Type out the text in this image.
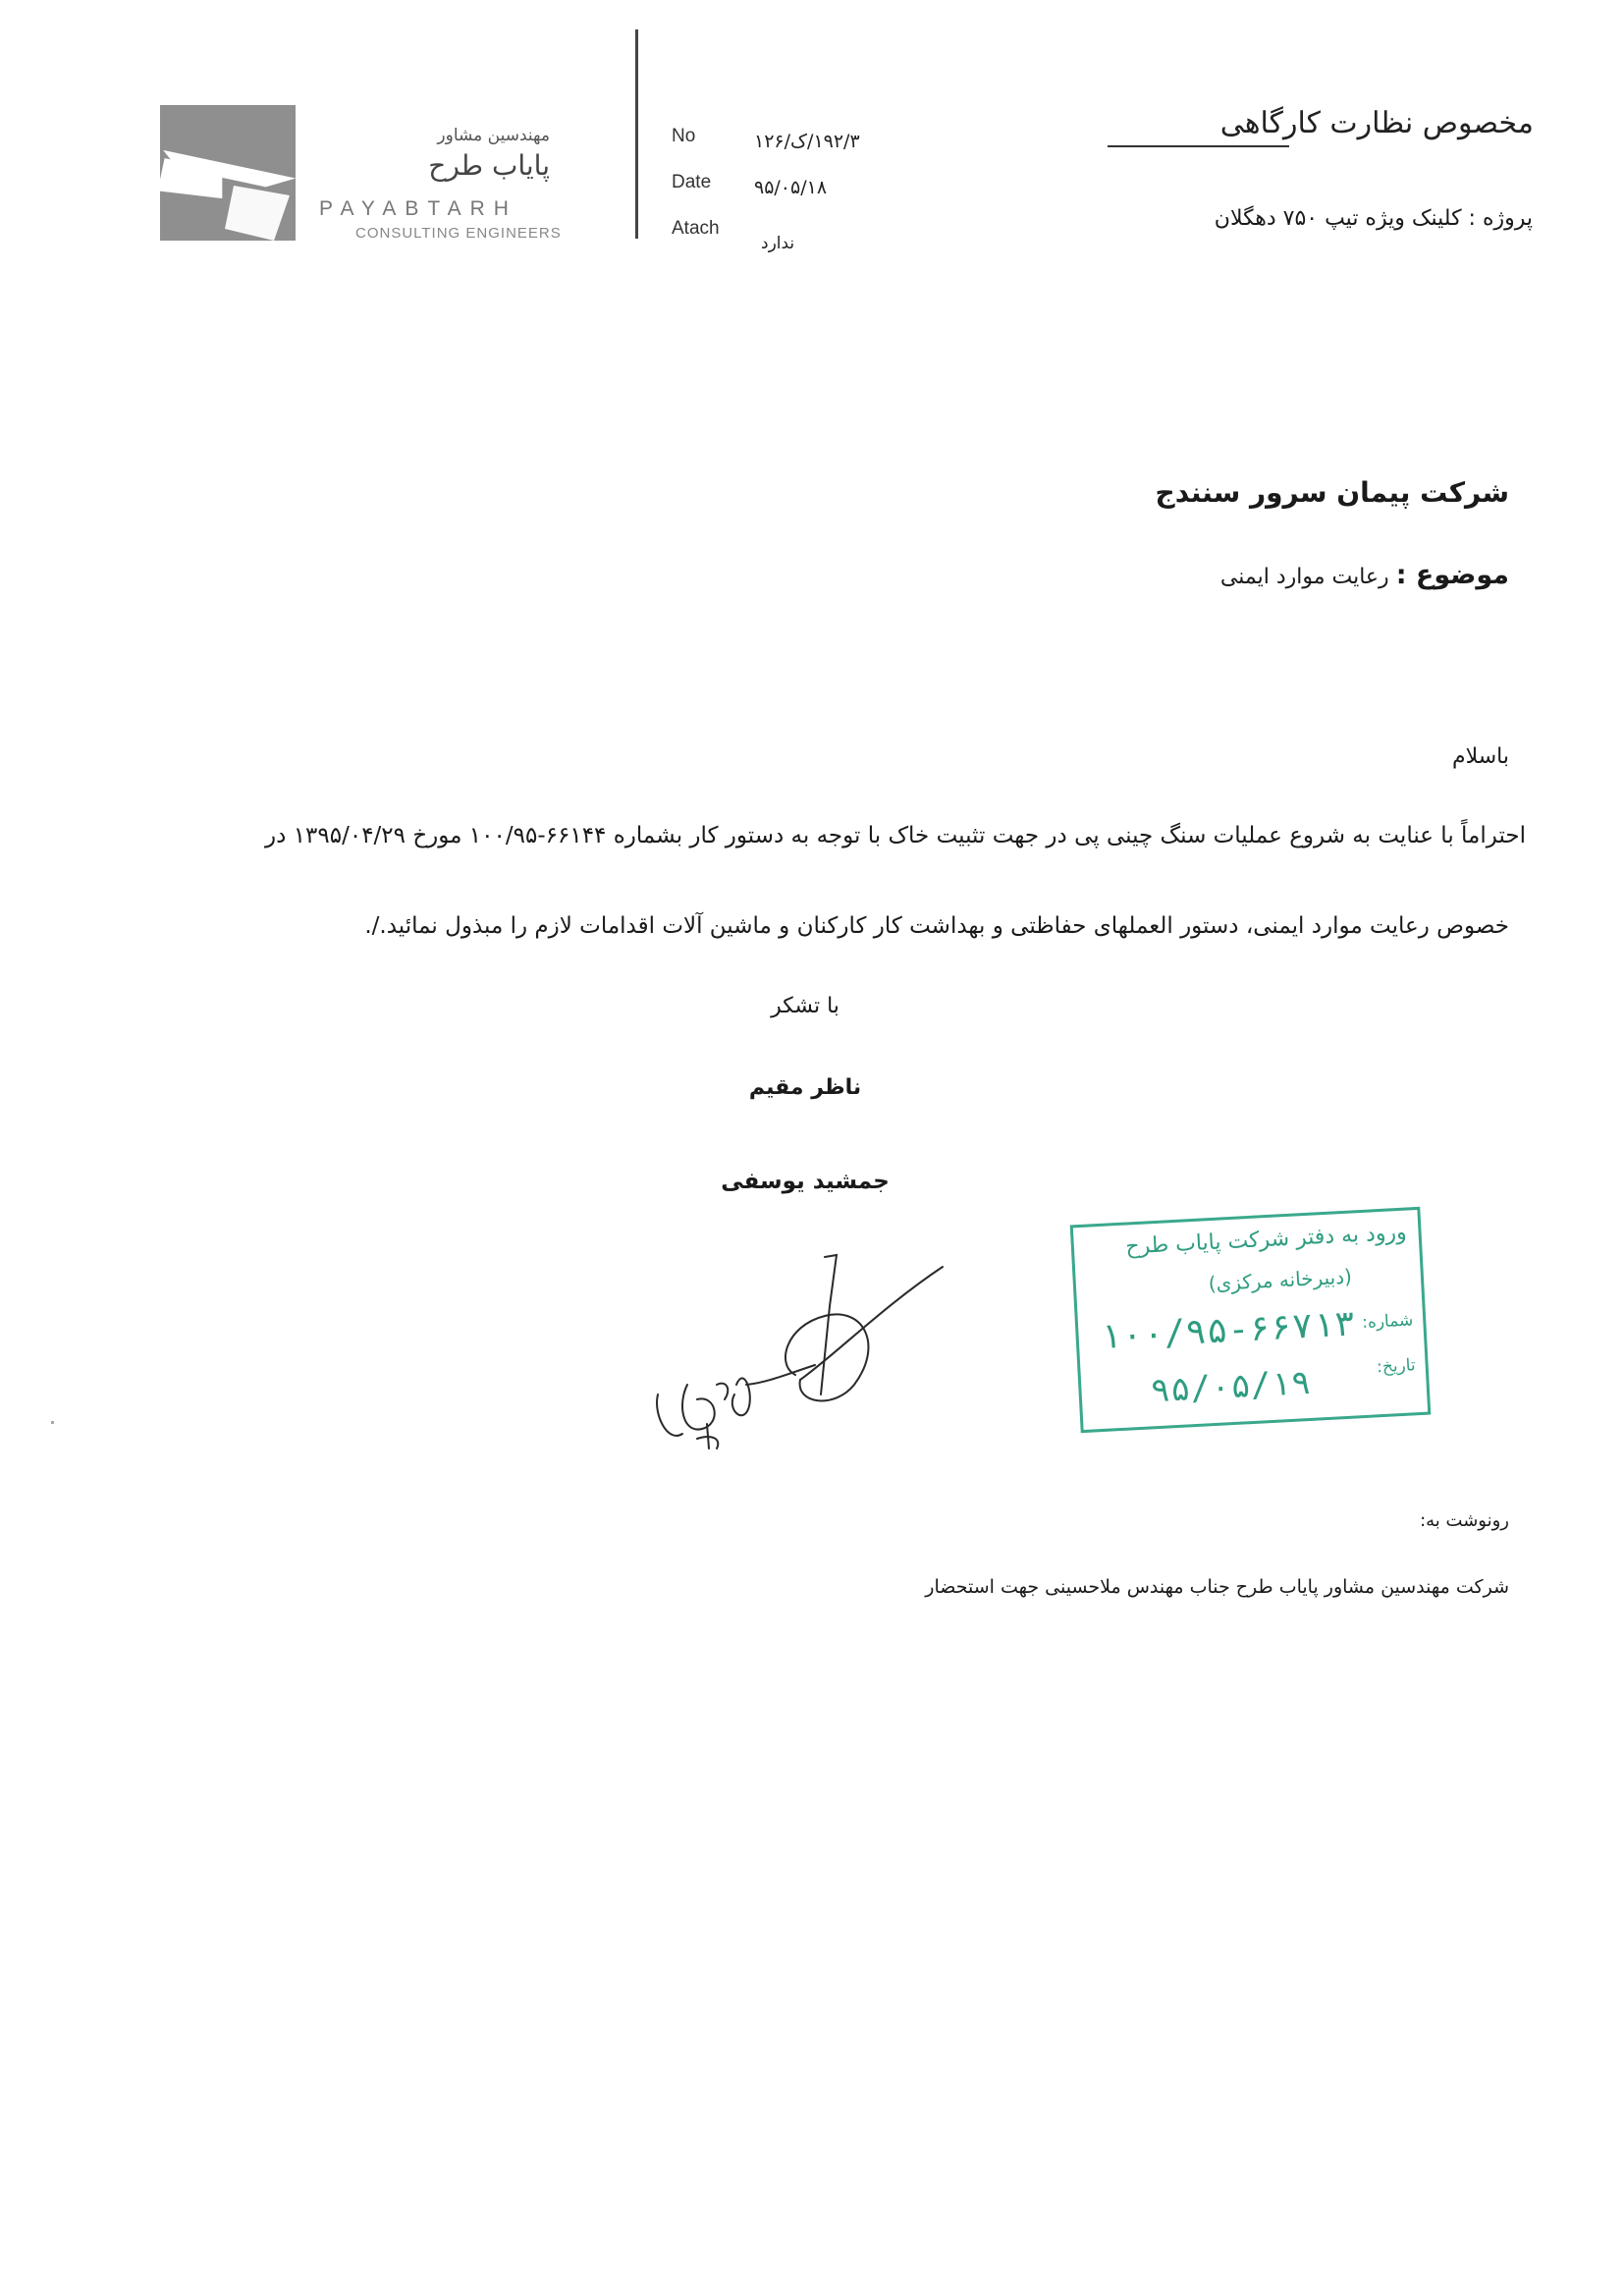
مهندسین مشاور
پایاب طرح
PAYABTARH
CONSULTING ENGINEERS
No	۱۹۲/۳/ک/۱۲۶
Date ۹۵/۰۵/۱۸
Atach
ندارد
مخصوص نظارت کارگاهی
پروژه : کلینک ویژه تیپ ۷۵۰ دهگلان
شرکت پیمان سرور سنندج
موضوع : رعایت موارد ایمنی
باسلام
احتراماً با عنایت به شروع عملیات سنگ چینی پی در جهت تثبیت خاک با توجه به دستور کار بشماره ۶۶۱۴۴-۱۰۰/۹۵ مورخ ۱۳۹۵/۰۴/۲۹ در
خصوص رعایت موارد ایمنی، دستور العملهای حفاظتی و بهداشت کار کارکنان و ماشین آلات اقدامات لازم را مبذول نمائید./.
با تشکر
ناظر مقیم
جمشید یوسفی
ورود به دفتر شرکت پایاب طرح
(دبیرخانه مرکزی)
شماره:
۱۰۰/۹۵-۶۶۷۱۳
تاریخ:
۹۵/۰۵/۱۹
رونوشت به:
شرکت مهندسین مشاور پایاب طرح جناب مهندس ملاحسینی جهت استحضار
